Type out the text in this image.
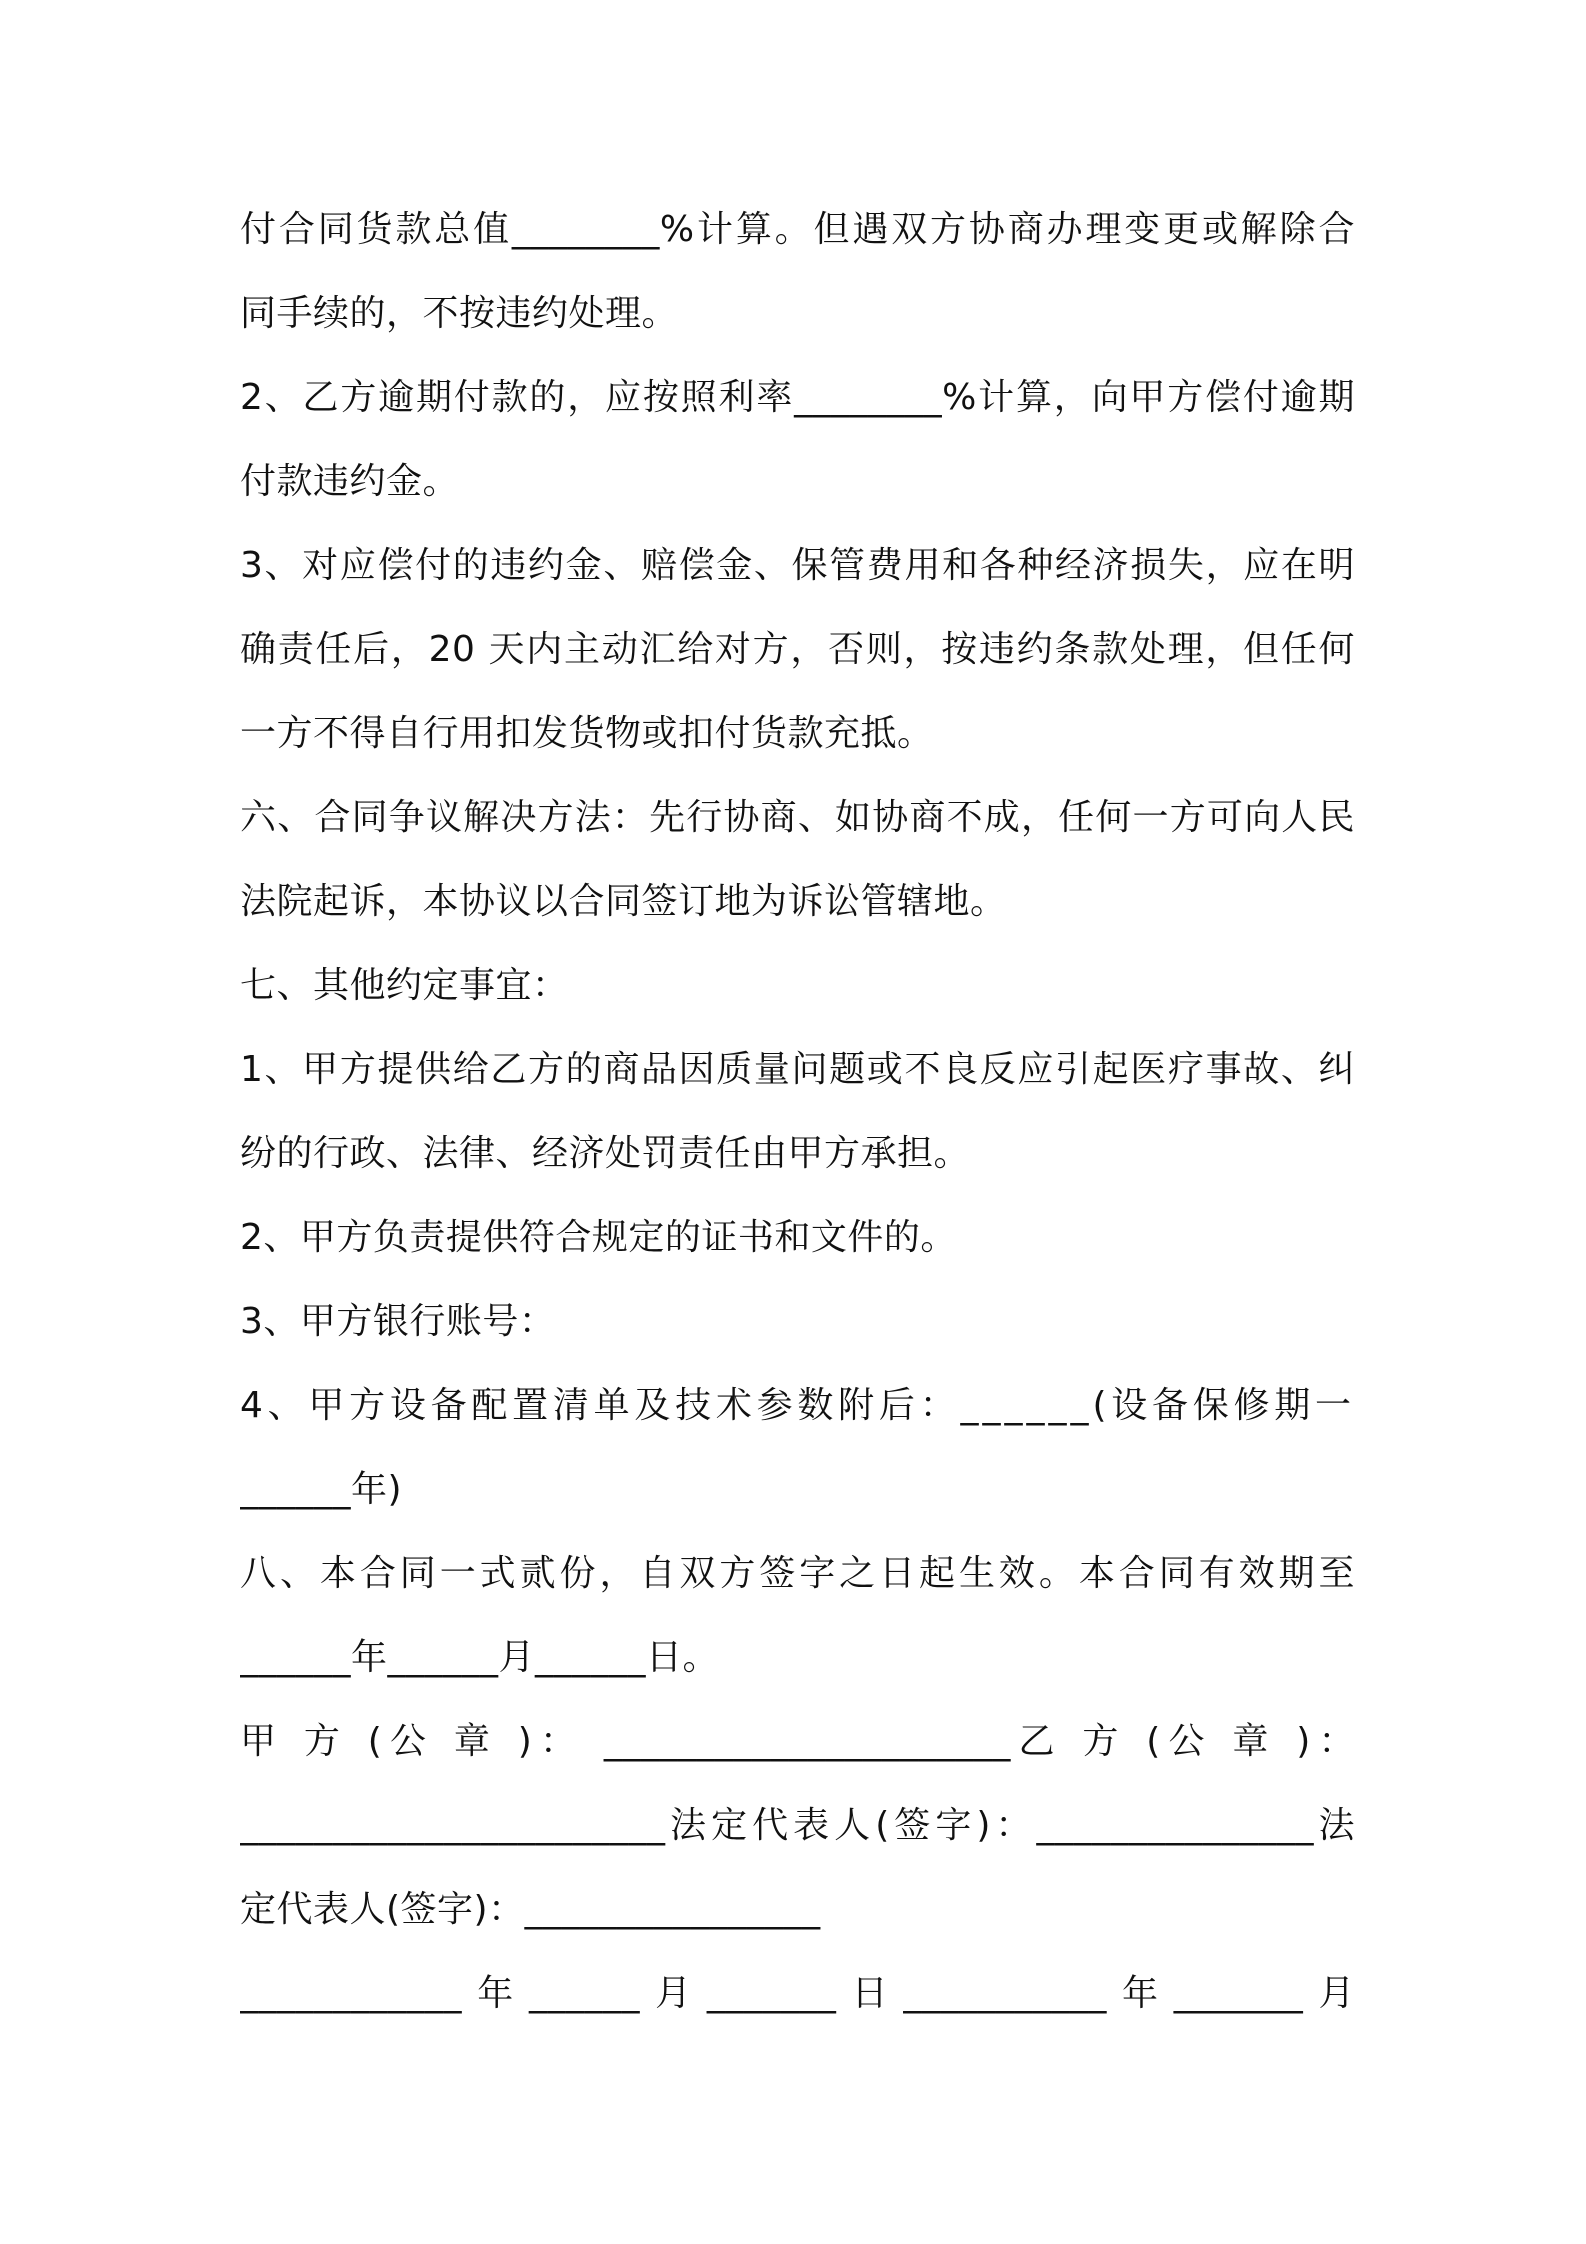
付合同货款总值________%计算。但遇双方协商办理变更或解除合
同手续的，不按违约处理。
2、乙方逾期付款的，应按照利率________%计算，向甲方偿付逾期
付款违约金。
3、对应偿付的违约金、赔偿金、保管费用和各种经济损失，应在明
确责任后，20 天内主动汇给对方，否则，按违约条款处理，但任何
一方不得自行用扣发货物或扣付货款充抵。
六、合同争议解决方法：先行协商、如协商不成，任何一方可向人民
法院起诉，本协议以合同签订地为诉讼管辖地。
七、其他约定事宜：
1、甲方提供给乙方的商品因质量问题或不良反应引起医疗事故、纠
纷的行政、法律、经济处罚责任由甲方承担。
2、甲方负责提供符合规定的证书和文件的。
3、甲方银行账号：
4、甲方设备配置清单及技术参数附后：______(设备保修期一
______年)
八、本合同一式贰份，自双方签字之日起生效。本合同有效期至
______年______月______日。
甲 方 (公 章 )： ______________________乙 方 (公 章 )：
_______________________法定代表人(签字)：_______________法
定代表人(签字)：________________
____________年______月_______日___________年_______月
